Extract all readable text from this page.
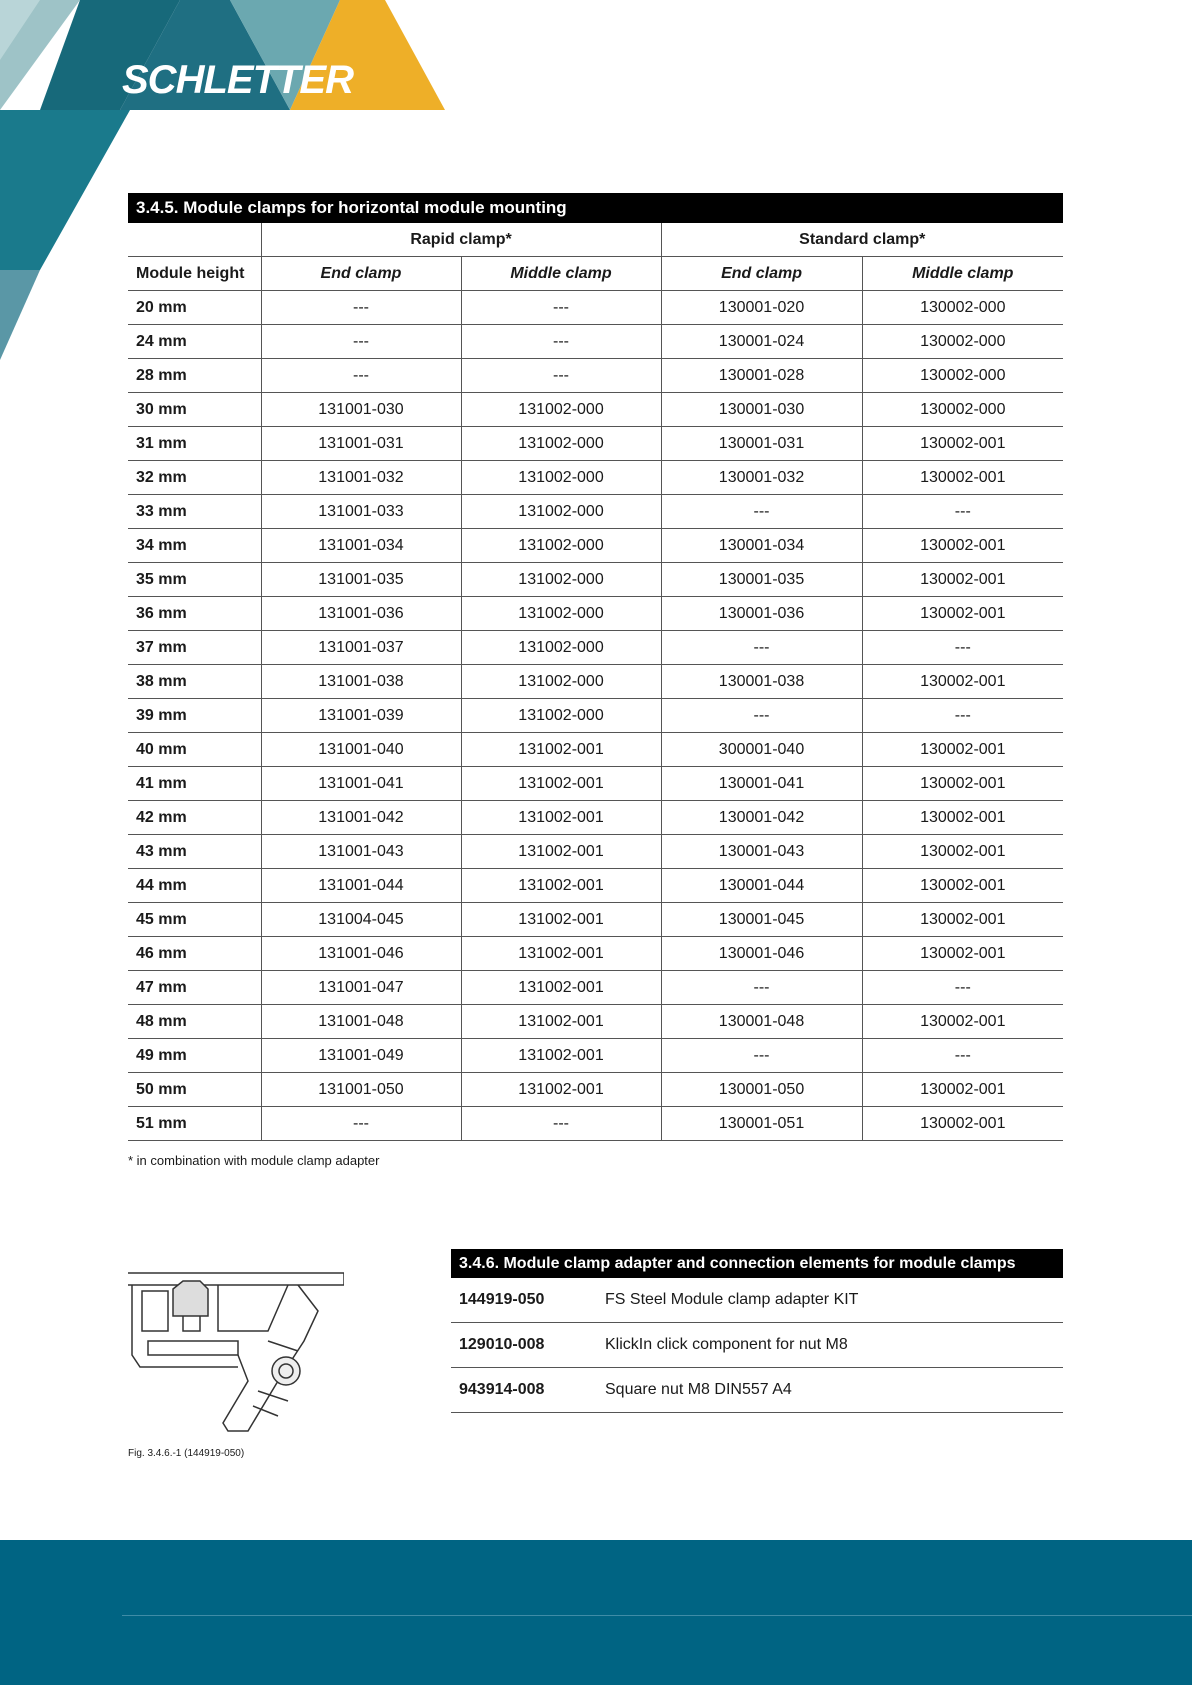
SCHLETTER
3.4.5. Module clamps for horizontal module mounting
	Rapid clamp*		Standard clamp*	
Module height	End clamp	Middle clamp	End clamp	Middle clamp
20 mm	---	---	130001-020	130002-000
24 mm	---	---	130001-024	130002-000
28 mm	---	---	130001-028	130002-000
30 mm	131001-030	131002-000	130001-030	130002-000
31 mm	131001-031	131002-000	130001-031	130002-001
32 mm	131001-032	131002-000	130001-032	130002-001
33 mm	131001-033	131002-000	---	---
34 mm	131001-034	131002-000	130001-034	130002-001
35 mm	131001-035	131002-000	130001-035	130002-001
36 mm	131001-036	131002-000	130001-036	130002-001
37 mm	131001-037	131002-000	---	---
38 mm	131001-038	131002-000	130001-038	130002-001
39 mm	131001-039	131002-000	---	---
40 mm	131001-040	131002-001	300001-040	130002-001
41 mm	131001-041	131002-001	130001-041	130002-001
42 mm	131001-042	131002-001	130001-042	130002-001
43 mm	131001-043	131002-001	130001-043	130002-001
44 mm	131001-044	131002-001	130001-044	130002-001
45 mm	131004-045	131002-001	130001-045	130002-001
46 mm	131001-046	131002-001	130001-046	130002-001
47 mm	131001-047	131002-001	---	---
48 mm	131001-048	131002-001	130001-048	130002-001
49 mm	131001-049	131002-001	---	---
50 mm	131001-050	131002-001	130001-050	130002-001
51 mm	---	---	130001-051	130002-001
* in combination with module clamp adapter
Fig. 3.4.6.-1 (144919-050)
3.4.6. Module clamp adapter and connection elements for module clamps
144919-050	FS Steel Module clamp adapter KIT
129010-008	KlickIn click component for nut M8
943914-008	Square nut M8 DIN557 A4
